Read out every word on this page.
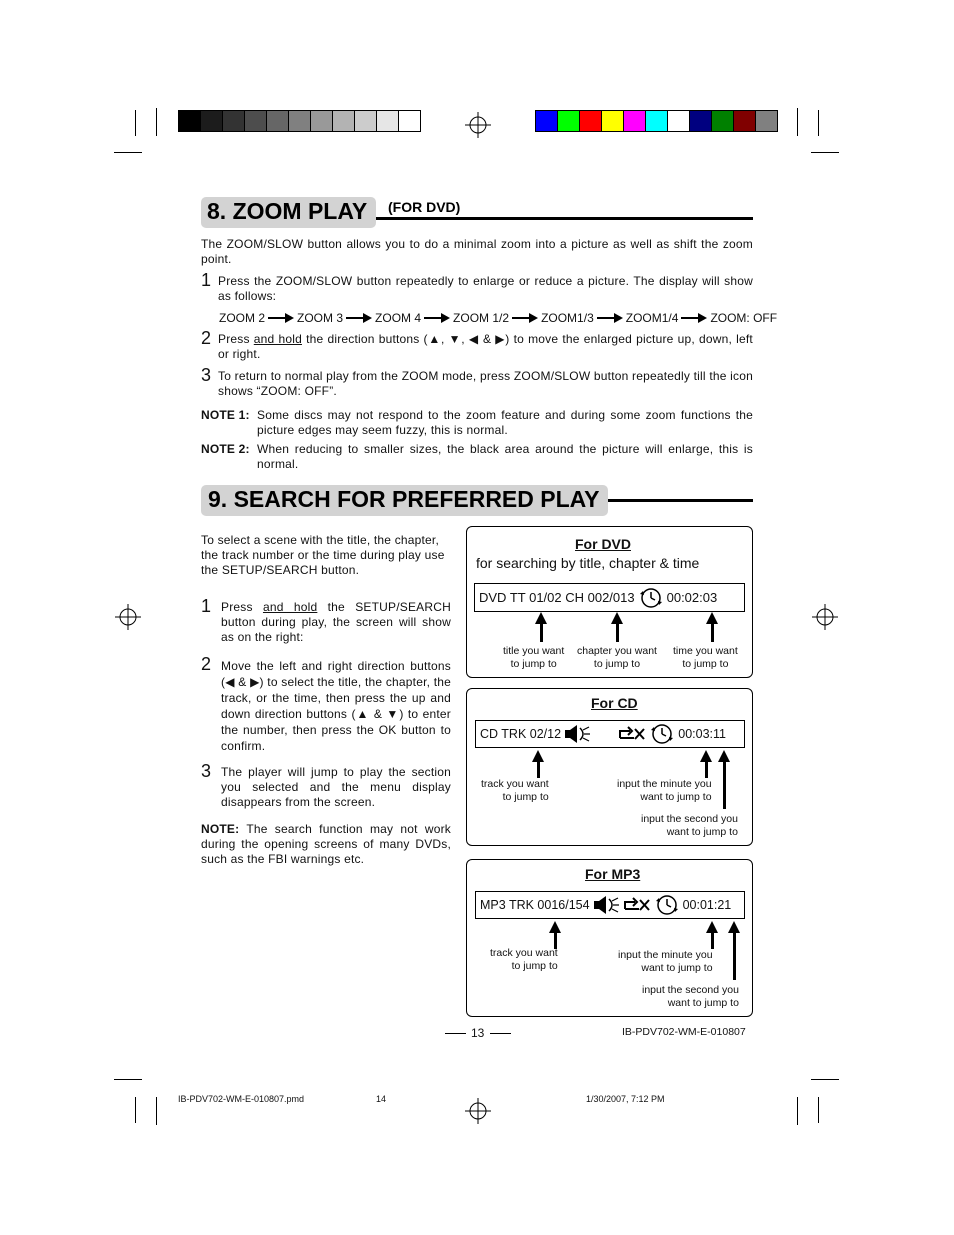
8. ZOOM PLAY (FOR DVD)
The ZOOM/SLOW button allows you to do a minimal zoom into a picture as well as shift the zoom point.
1 Press the ZOOM/SLOW button repeatedly to enlarge or reduce a picture. The display will show as follows:
ZOOM 2	ZOOM 3	ZOOM 4	ZOOM 1/2	ZOOM1/3	ZOOM1/4	ZOOM: OFF
2 Press and hold the direction buttons (▲, ▼, ◀ & ▶) to move the enlarged picture up, down, left or right.
3 To return to normal play from the ZOOM mode, press ZOOM/SLOW button repeatedly till the icon shows “ZOOM: OFF”.
NOTE 1: Some discs may not respond to the zoom feature and during some zoom functions the picture edges may seem fuzzy, this is normal.
NOTE 2: When reducing to smaller sizes, the black area around the picture will enlarge, this is normal.
9. SEARCH FOR PREFERRED PLAY
To select a scene with the title, the chapter, the track number or the time during play use the SETUP/SEARCH button.
1 Press and hold the SETUP/SEARCH button during play, the screen will show as on the right:
2 Move the left and right direction buttons (◀ & ▶) to select the title, the chapter, the track, or the time, then press the up and down direction buttons (▲ & ▼) to enter the number, then press the OK button to confirm.
3 The player will jump to play the section you selected and the menu display disappears from the screen.
NOTE: The search function may not work during the opening screens of many DVDs, such as the FBI warnings etc.
For DVD
for searching by title, chapter & time
DVD TT 01/02 CH 002/013 00:02:03
title you want
to jump to
chapter you want
to jump to
time you want
to jump to
For CD
CD TRK 02/12	00:03:11
track you want
to jump to
input the minute you
want to jump to
input the second you
want to jump to
For MP3
MP3 TRK 0016/154	00:01:21
track you want
to jump to
input the minute you
want to jump to
input the second you
want to jump to
13	IB-PDV702-WM-E-010807
IB-PDV702-WM-E-010807.pmd	14	1/30/2007, 7:12 PM
